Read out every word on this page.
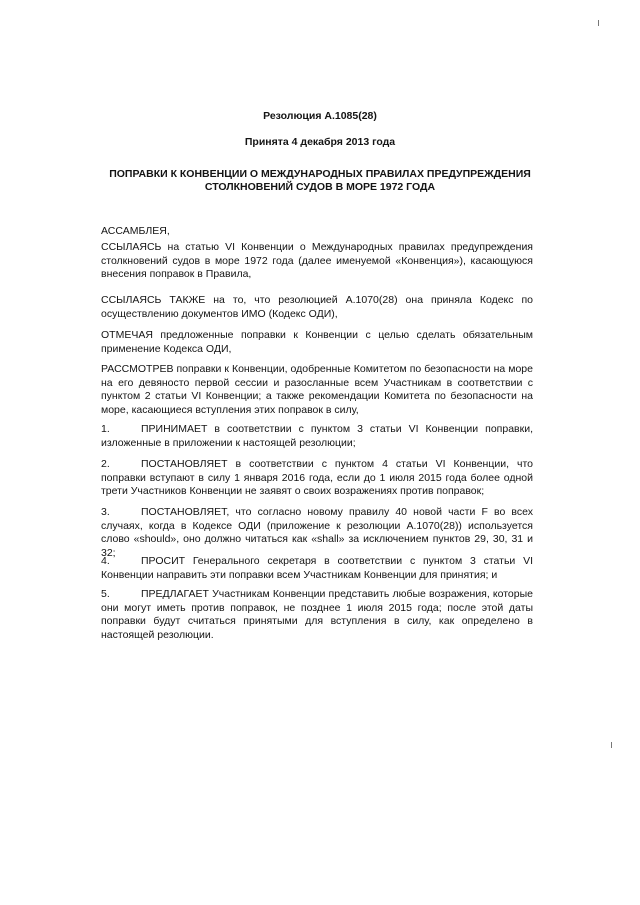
Резолюция А.1085(28)
Принята 4 декабря 2013 года
ПОПРАВКИ К КОНВЕНЦИИ О МЕЖДУНАРОДНЫХ ПРАВИЛАХ ПРЕДУПРЕЖДЕНИЯ
СТОЛКНОВЕНИЙ СУДОВ В МОРЕ 1972 ГОДА

АССАМБЛЕЯ,

ССЫЛАЯСЬ на статью VI Конвенции о Международных правилах предупреждения столкновений судов в море 1972 года (далее именуемой «Конвенция»), касающуюся внесения поправок в Правила,

ССЫЛАЯСЬ ТАКЖЕ на то, что резолюцией А.1070(28) она приняла Кодекс по осуществлению документов ИМО (Кодекс ОДИ),

ОТМЕЧАЯ предложенные поправки к Конвенции с целью сделать обязательным применение Кодекса ОДИ,

РАССМОТРЕВ поправки к Конвенции, одобренные Комитетом по безопасности на море на его девяносто первой сессии и разосланные всем Участникам в соответствии с пунктом 2 статьи VI Конвенции; а также рекомендации Комитета по безопасности на море, касающиеся вступления этих поправок в силу,

1.	ПРИНИМАЕТ в соответствии с пунктом 3 статьи VI Конвенции поправки, изложенные в приложении к настоящей резолюции;
2.	ПОСТАНОВЛЯЕТ в соответствии с пунктом 4 статьи VI Конвенции, что поправки вступают в силу 1 января 2016 года, если до 1 июля 2015 года более одной трети Участников Конвенции не заявят о своих возражениях против поправок;
3.	ПОСТАНОВЛЯЕТ, что согласно новому правилу 40 новой части F во всех случаях, когда в Кодексе ОДИ (приложение к резолюции А.1070(28)) используется слово «should», оно должно читаться как «shall» за исключением пунктов 29, 30, 31 и 32;
4.	ПРОСИТ Генерального секретаря в соответствии с пунктом 3 статьи VI Конвенции направить эти поправки всем Участникам Конвенции для принятия; и
5.	ПРЕДЛАГАЕТ Участникам Конвенции представить любые возражения, которые они могут иметь против поправок, не позднее 1 июля 2015 года; после этой даты поправки будут считаться принятыми для вступления в силу, как определено в настоящей резолюции.
